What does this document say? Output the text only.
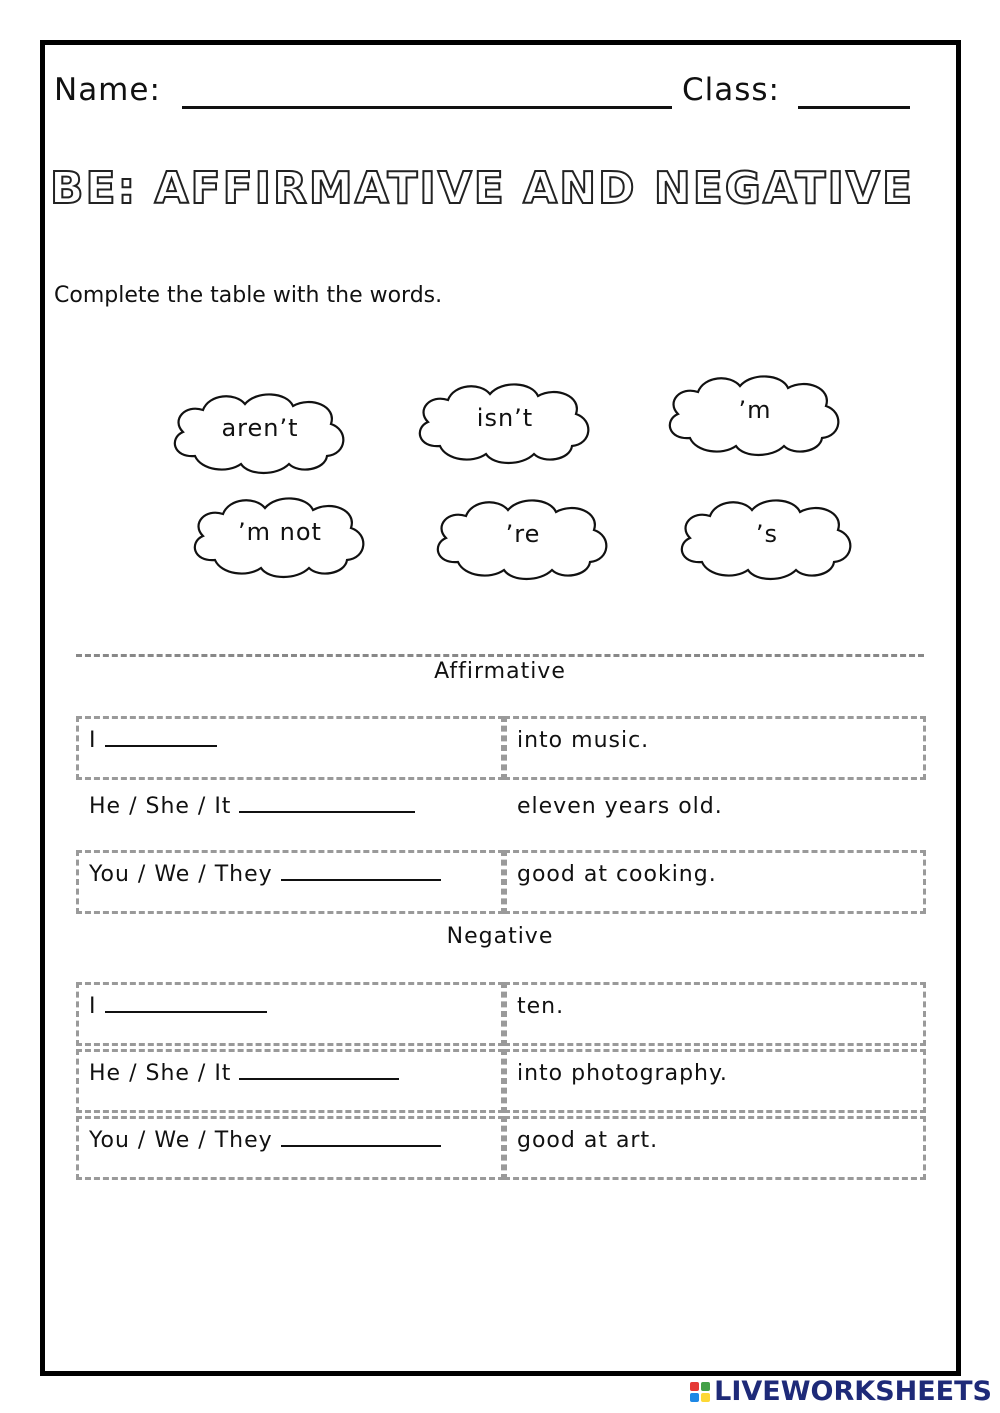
Name:	Class:
BE: AFFIRMATIVE AND NEGATIVE
Complete the table with the words.
aren’t	isn’t	’m
’m not	’re	’s
Affirmative
I	into music.
He / She / It	eleven years old.
You / We / They	good at cooking.
Negative
I	ten.
He / She / It	into photography.
You / We / They	good at art.
LIVEWORKSHEETS
